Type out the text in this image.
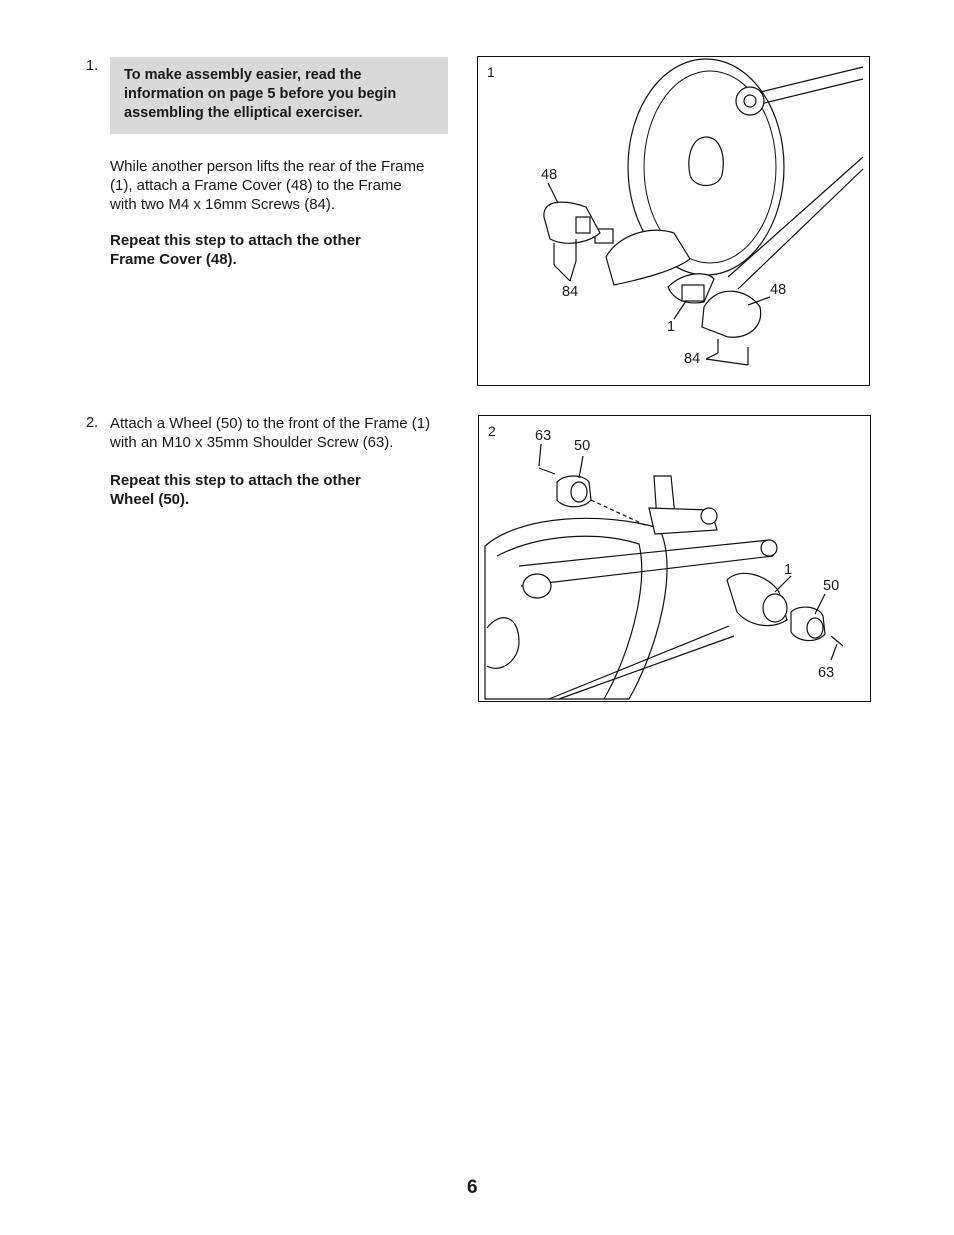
1.
To make assembly easier, read the
information on page 5 before you begin
assembling the elliptical exerciser.
While another person lifts the rear of the Frame
(1), attach a Frame Cover (48) to the Frame
with two M4 x 16mm Screws (84).
Repeat this step to attach the other
Frame Cover (48).
1
48
84	48
1
84
2. Attach a Wheel (50) to the front of the Frame (1)
with an M10 x 35mm Shoulder Screw (63).
Repeat this step to attach the other
Wheel (50).
2	63
50
1
50
63
6
